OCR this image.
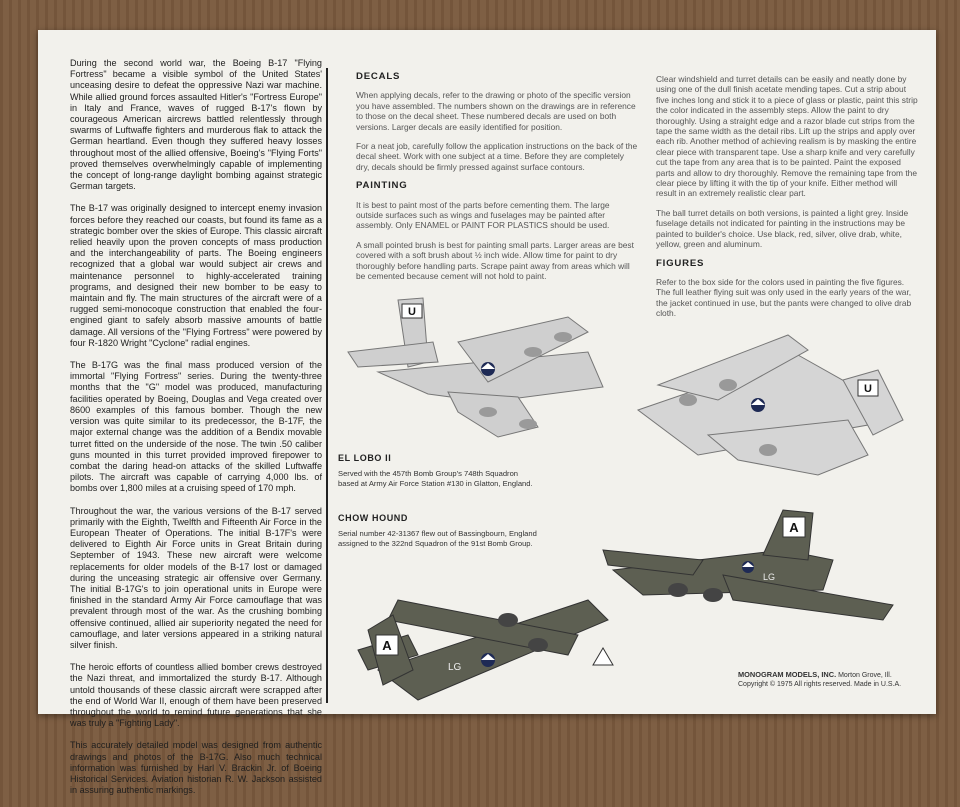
During the second world war, the Boeing B-17 "Flying Fortress" became a visible symbol of the United States' unceasing desire to defeat the oppressive Nazi war machine. While allied ground forces assaulted Hitler's "Fortress Europe" in Italy and France, waves of rugged B-17's flown by courageous American aircrews battled relentlessly through swarms of Luftwaffe fighters and murderous flak to attack the German heartland. Even though they suffered heavy losses throughout most of the allied offensive, Boeing's "Flying Forts" proved themselves overwhelmingly capable of implementing the concept of long-range daylight bombing against strategic German targets.

The B-17 was originally designed to intercept enemy invasion forces before they reached our coasts, but found its fame as a strategic bomber over the skies of Europe. This classic aircraft relied heavily upon the proven concepts of mass production and the interchangeability of parts. The Boeing engineers recognized that a global war would subject air crews and maintenance personnel to highly-accelerated training programs, and designed their new bomber to be easy to maintain and fly. The main structures of the aircraft were of a rugged semi-monocoque construction that enabled the four-engined giant to safely absorb massive amounts of battle damage. All versions of the "Flying Fortress" were powered by four R-1820 Wright "Cyclone" radial engines.

The B-17G was the final mass produced version of the immortal "Flying Fortress" series. During the twenty-three months that the "G" model was produced, manufacturing facilities operated by Boeing, Douglas and Vega created over 8600 examples of this famous bomber. Though the new version was quite similar to its predecessor, the B-17F, the major external change was the addition of a Bendix movable turret fitted on the underside of the nose. The twin .50 caliber guns mounted in this turret provided improved firepower to combat the daring head-on attacks of the skilled Luftwaffe pilots. The aircraft was capable of carrying 4,000 lbs. of bombs over 1,800 miles at a cruising speed of 170 mph.

Throughout the war, the various versions of the B-17 served primarily with the Eighth, Twelfth and Fifteenth Air Force in the European Theater of Operations. The initial B-17F's were delivered to Eighth Air Force units in Great Britain during September of 1943. These new aircraft were welcome replacements for older models of the B-17 lost or damaged during the unceasing strategic air offensive over Germany. The initial B-17G's to join operational units in Europe were finished in the standard Army Air Force camouflage that was prevalent through most of the war. As the crushing bombing offensive continued, allied air superiority negated the need for camouflage, and later versions appeared in a striking natural silver finish.

The heroic efforts of countless allied bomber crews destroyed the Nazi threat, and immortalized the sturdy B-17. Although untold thousands of these classic aircraft were scrapped after the end of World War II, enough of them have been preserved throughout the world to remind future generations that she was truly a "Fighting Lady".

This accurately detailed model was designed from authentic drawings and photos of the B-17G. Also much technical information was furnished by Harl V. Brackin Jr. of Boeing Historical Services. Aviation historian R. W. Jackson assisted in assuring authentic markings.

DECALS

When applying decals, refer to the drawing or photo of the specific version you have assembled. The numbers shown on the drawings are in reference to those on the decal sheet. These numbered decals are used on both versions. Larger decals are easily identified for position.

For a neat job, carefully follow the application instructions on the back of the decal sheet. Work with one subject at a time. Before they are completely dry, decals should be firmly pressed against surface contours.

PAINTING

It is best to paint most of the parts before cementing them. The large outside surfaces such as wings and fuselages may be painted after assembly. Only ENAMEL or PAINT FOR PLASTICS should be used.

A small pointed brush is best for painting small parts. Larger areas are best covered with a soft brush about ½ inch wide. Allow time for paint to dry thoroughly before handling parts. Scrape paint away from areas which will be cemented because cement will not hold to paint.

Clear windshield and turret details can be easily and neatly done by using one of the dull finish acetate mending tapes. Cut a strip about five inches long and stick it to a piece of glass or plastic, paint this strip the color indicated in the assembly steps. Allow the paint to dry thoroughly. Using a straight edge and a razor blade cut strips from the tape the same width as the detail ribs. Lift up the strips and apply over each rib. Another method of achieving realism is by masking the entire clear piece with transparent tape. Use a sharp knife and very carefully cut the tape from any area that is to be painted. Paint the exposed parts and allow to dry thoroughly. Remove the remaining tape from the clear piece by lifting it with the tip of your knife. Either method will result in an extremely realistic clear part.

The ball turret details on both versions, is painted a light grey. Inside fuselage details not indicated for painting in the instructions may be painted to builder's choice. Use black, red, silver, olive drab, white, yellow, green and aluminum.

FIGURES

Refer to the box side for the colors used in painting the five figures. The full leather flying suit was only used in the early years of the war, the jacket continued in use, but the pants were changed to olive drab cloth.

U
U
EL LOBO II
Served with the 457th Bomb Group's 748th Squadron
based at Army Air Force Station #130 in Glatton, England.
CHOW HOUND
Serial number 42-31367 flew out of Bassingbourn, England
assigned to the 322nd Squadron of the 91st Bomb Group.
A
LG
A
LG
MONOGRAM MODELS, INC. Morton Grove, Ill.
Copyright © 1975 All rights reserved. Made in U.S.A.
